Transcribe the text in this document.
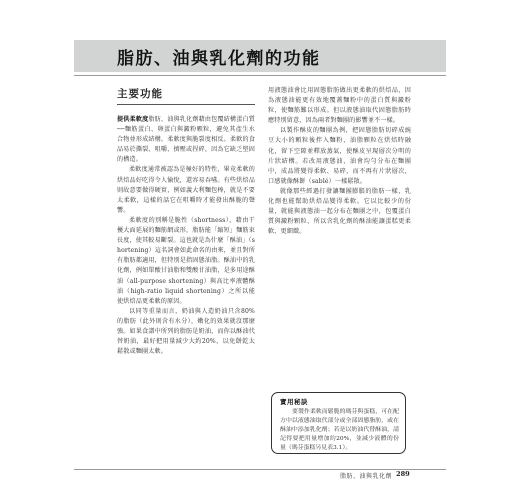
脂肪、油與乳化劑的功能
主要功能

提供柔軟度脂肪、油與乳化劑藉由包覆結構蛋白質──麵筋蛋白、卵蛋白與澱粉顆粒，避免其產生水合物並形成結構。柔軟度與脆裂度相反。柔軟的食品易於撕裂、咀嚼、擠壓或捏碎，因為它缺乏堅固的構造。

柔軟度通常被認為是極好的特性，畢竟柔軟的烘焙品好吃得令人愉悅，還容易吞嚥。有些烘焙品則故意要做得硬實，例如義大利麵包棒，就是不要太柔軟，這樣的話它在咀嚼時才能發出酥脆的聲響。

柔軟度的別稱是脆性（shortness），藉由干擾大面延展的麵筋網或形，脂肪能「縮短」麵筋束長度，使其較易斷裂。這也就是為什麼「酥油」（shortening）這名詞會如此命名的由來，並且對所有脂肪都適用，但特別是指固態油脂。酥油中的乳化劑，例如單酸甘油脂和雙酸甘油脂，是多用途酥油（all-purpose shortening）與高比率液體酥油（high-ratio liquid shortening）之所以能使烘焙品更柔軟的原因。

以同等重量而言，奶油與人造奶油只含80%的脂肪（此外則含有水分），嫩化的效果就沒那麼強。如果食譜中所列的脂肪是奶油，而你以酥油代替奶油，最好把用量減少大約20%，以免餅乾太鬆散或麵團太軟。

用液態油會比用固態脂肪做出更柔軟的烘焙品，因為液態油能更有效地覆蓋麵粉中的蛋白質與澱粉粒，使麵筋難以形成。但以液態油取代固態脂肪時應特別留意，因為兩者對麵團的影響並不一樣。

以製作酥皮的麵團為例，把固態脂肪切碎成豌豆大小的顆粒後拌入麵粉，油脂顆粒在烘焙時融化，留下空隙並釋放蒸氣，使酥皮呈現層次分明的片狀結構。若改用液態油，油會均勻分布在麵團中，成品將變得柔軟、易碎，而不再有片狀層次，口感就像酥餅（sablé）一樣鬆散。

就像那些經過打發讓麵團膨脹的脂肪一樣，乳化劑也能幫助烘焙品變得柔軟。它以比較少的份量，就能與液態油一起分布在麵團之中，包覆蛋白質與澱粉顆粒，所以含乳化劑的酥油能讓蛋糕更柔軟、更細緻。

實用秘訣

要製作柔軟而鬆脆的瑪芬與蛋糕，可在配方中以液態油取代部分或全部固態脂肪，或在酥油中添加乳化劑；若是以奶油代替酥油，請記得要把用量增加約20%，並減少液體的份量（瑪芬蛋糕另見表3.1）。

脂肪、油與乳化劑 289
